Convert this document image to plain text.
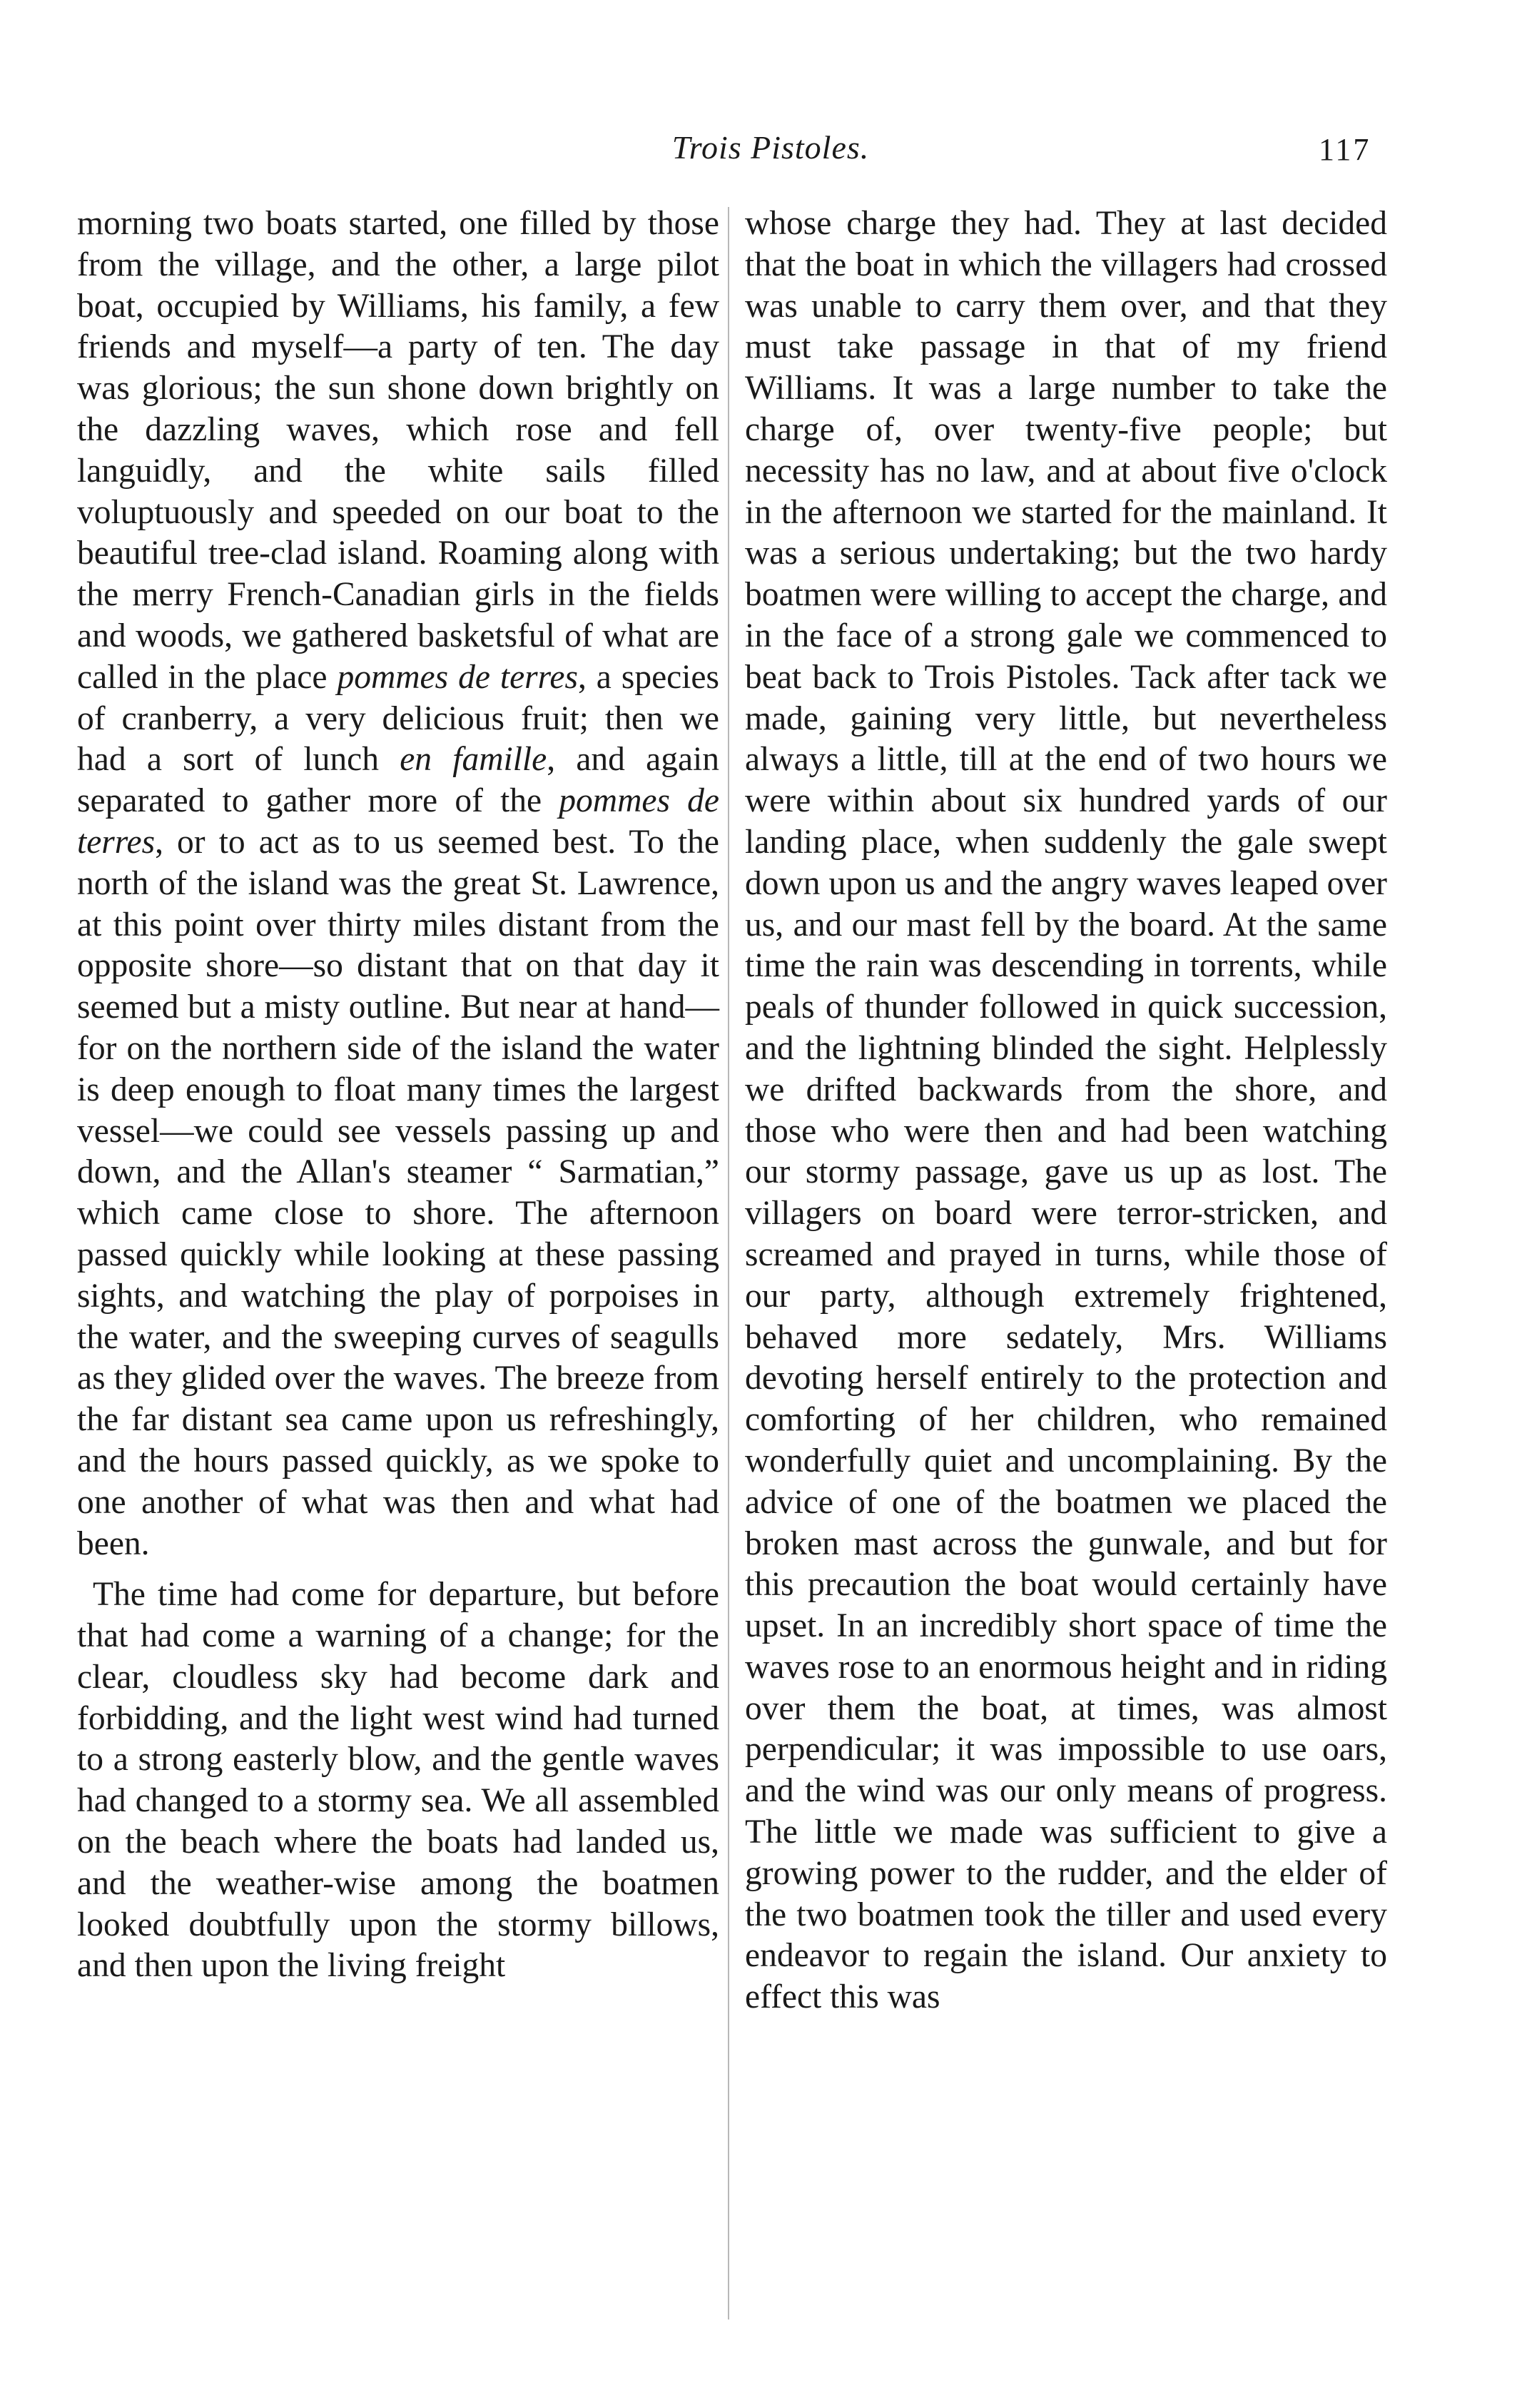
Trois Pistoles.	117

morning two boats started, one filled by those from the village, and the other, a large pilot boat, occupied by Williams, his family, a few friends and myself—a party of ten. The day was glorious; the sun shone down brightly on the dazzling waves, which rose and fell languidly, and the white sails filled voluptuously and speeded on our boat to the beautiful tree-clad island. Roaming along with the merry French-Canadian girls in the fields and woods, we gathered basketsful of what are called in the place pommes de terres, a species of cranberry, a very delicious fruit; then we had a sort of lunch en famille, and again separated to gather more of the pommes de terres, or to act as to us seemed best. To the north of the island was the great St. Lawrence, at this point over thirty miles distant from the opposite shore—so distant that on that day it seemed but a misty outline. But near at hand—for on the northern side of the island the water is deep enough to float many times the largest vessel—we could see vessels passing up and down, and the Allan's steamer “ Sarmatian,” which came close to shore. The afternoon passed quickly while looking at these passing sights, and watching the play of porpoises in the water, and the sweeping curves of seagulls as they glided over the waves. The breeze from the far distant sea came upon us refreshingly, and the hours passed quickly, as we spoke to one another of what was then and what had been.

The time had come for departure, but before that had come a warning of a change; for the clear, cloudless sky had become dark and forbidding, and the light west wind had turned to a strong easterly blow, and the gentle waves had changed to a stormy sea. We all assembled on the beach where the boats had landed us, and the weather-wise among the boatmen looked doubtfully upon the stormy billows, and then upon the living freight

whose charge they had. They at last decided that the boat in which the villagers had crossed was unable to carry them over, and that they must take passage in that of my friend Williams. It was a large number to take the charge of, over twenty-five people; but necessity has no law, and at about five o'clock in the afternoon we started for the mainland. It was a serious undertaking; but the two hardy boatmen were willing to accept the charge, and in the face of a strong gale we commenced to beat back to Trois Pistoles. Tack after tack we made, gaining very little, but nevertheless always a little, till at the end of two hours we were within about six hundred yards of our landing place, when suddenly the gale swept down upon us and the angry waves leaped over us, and our mast fell by the board. At the same time the rain was descending in torrents, while peals of thunder followed in quick succession, and the lightning blinded the sight. Helplessly we drifted backwards from the shore, and those who were then and had been watching our stormy passage, gave us up as lost. The villagers on board were terror-stricken, and screamed and prayed in turns, while those of our party, although extremely frightened, behaved more sedately, Mrs. Williams devoting herself entirely to the protection and comforting of her children, who remained wonderfully quiet and uncomplaining. By the advice of one of the boatmen we placed the broken mast across the gunwale, and but for this precaution the boat would certainly have upset. In an incredibly short space of time the waves rose to an enormous height and in riding over them the boat, at times, was almost perpendicular; it was impossible to use oars, and the wind was our only means of progress. The little we made was sufficient to give a growing power to the rudder, and the elder of the two boatmen took the tiller and used every endeavor to regain the island. Our anxiety to effect this was
